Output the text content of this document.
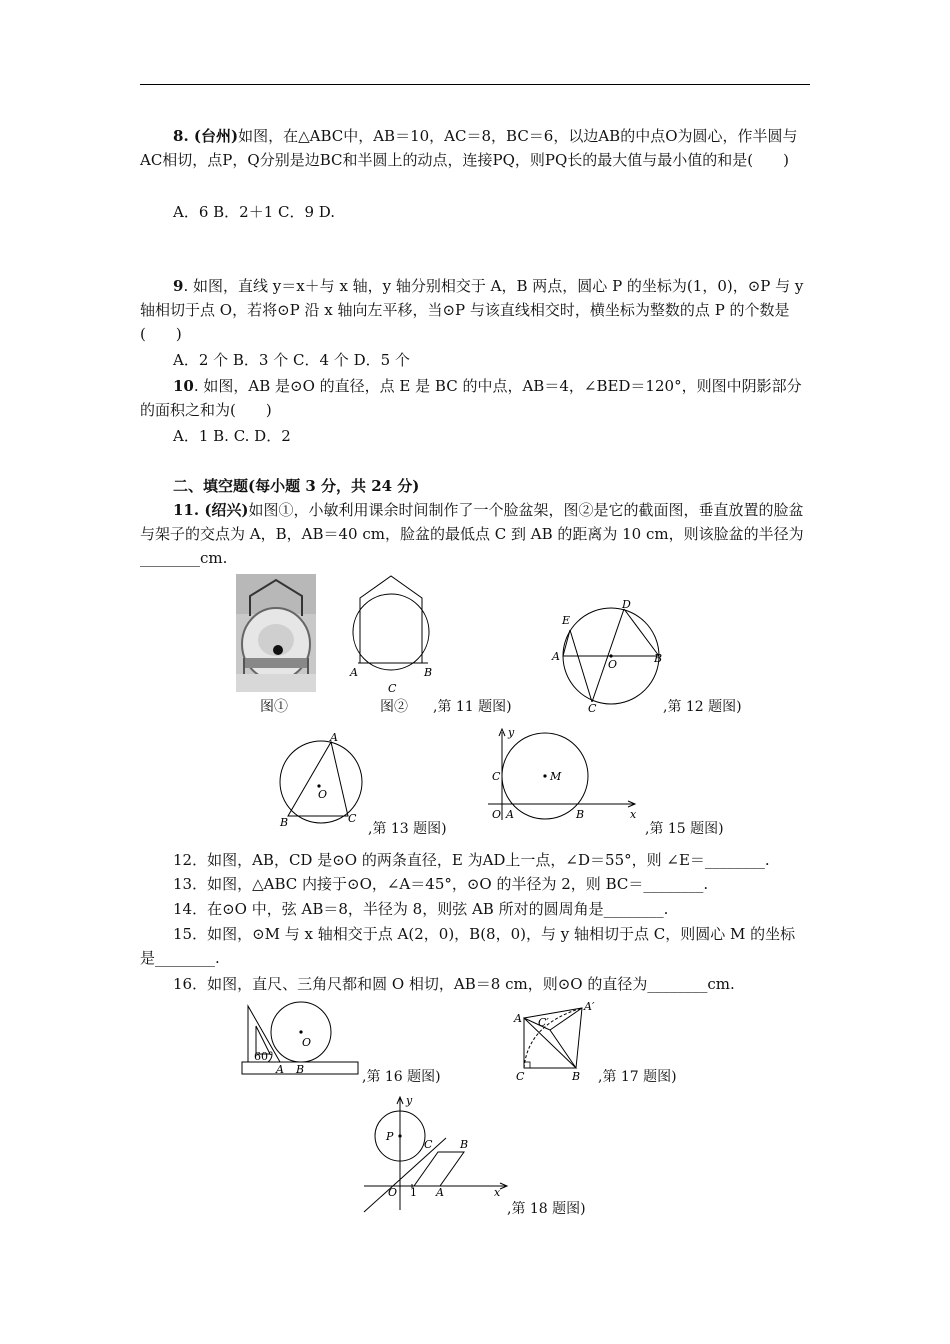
8. (台州)如图，在△ABC中，AB＝10，AC＝8，BC＝6，以边AB的中点O为圆心，作半圆与AC相切，点P，Q分别是边BC和半圆上的动点，连接PQ，则PQ长的最大值与最小值的和是(　　)

A．6 B．2＋1 C．9 D.

9. 如图，直线 y＝x＋与 x 轴，y 轴分别相交于 A，B 两点，圆心 P 的坐标为(1，0)，⊙P 与 y 轴相切于点 O，若将⊙P 沿 x 轴向左平移，当⊙P 与该直线相交时，横坐标为整数的点 P 的个数是(　　)

A．2 个 B．3 个 C．4 个 D．5 个

10. 如图，AB 是⊙O 的直径，点 E 是 BC 的中点，AB＝4，∠BED＝120°，则图中阴影部分的面积之和为(　　)

A．1 B. C. D．2
二、填空题(每小题 3 分，共 24 分)

11. (绍兴)如图①，小敏利用课余时间制作了一个脸盆架，图②是它的截面图，垂直放置的脸盆与架子的交点为 A，B，AB＝40 cm，脸盆的最低点 C 到 AB 的距离为 10 cm，则该脸盆的半径为________cm.

图①
A	B
C
图② ,第 11 题图)
E
D
A
O	B
C	,第 12 题图)
A
O
B	C
,第 13 题图)
y
x
C	M
O A	B
,第 15 题图)
12．如图，AB，CD 是⊙O 的两条直径，E 为AD上一点，∠D＝55°，则 ∠E＝________.
13．如图，△ABC 内接于⊙O，∠A＝45°，⊙O 的半径为 2，则 BC＝________.
14．在⊙O 中，弦 AB＝8，半径为 8，则弦 AB 所对的圆周角是________.

15．如图，⊙M 与 x 轴相交于点 A(2，0)，B(8，0)，与 y 轴相切于点 C，则圆心 M 的坐标是________.

16．如图，直尺、三角尺都和圆 O 相切，AB＝8 cm，则⊙O 的直径为________cm.
60°
O
A B	,第 16 题图)
A C′
A′
C	B ,第 17 题图)
y
x
P
C	B
O 1 A
,第 18 题图)
